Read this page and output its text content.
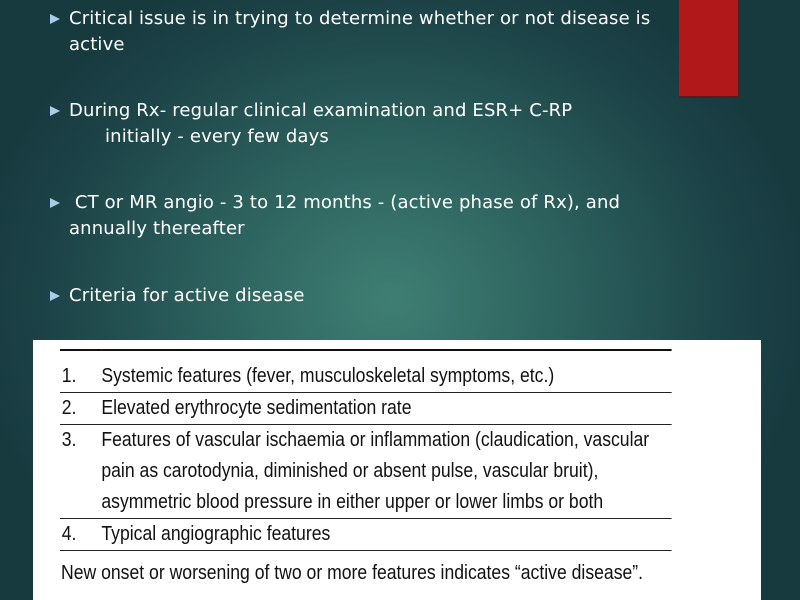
Critical issue is in trying to determine whether or not disease is
active
During Rx- regular clinical examination and ESR+ C-RP
initially - every few days
CT or MR angio - 3 to 12 months - (active phase of Rx), and
annually thereafter
Criteria for active disease
1.	Systemic features (fever, musculoskeletal symptoms, etc.)
2.	Elevated erythrocyte sedimentation rate
3.	Features of vascular ischaemia or inflammation (claudication, vascular
pain as carotodynia, diminished or absent pulse, vascular bruit),
asymmetric blood pressure in either upper or lower limbs or both

4.	Typical angiographic features
New onset or worsening of two or more features indicates “active disease”.
